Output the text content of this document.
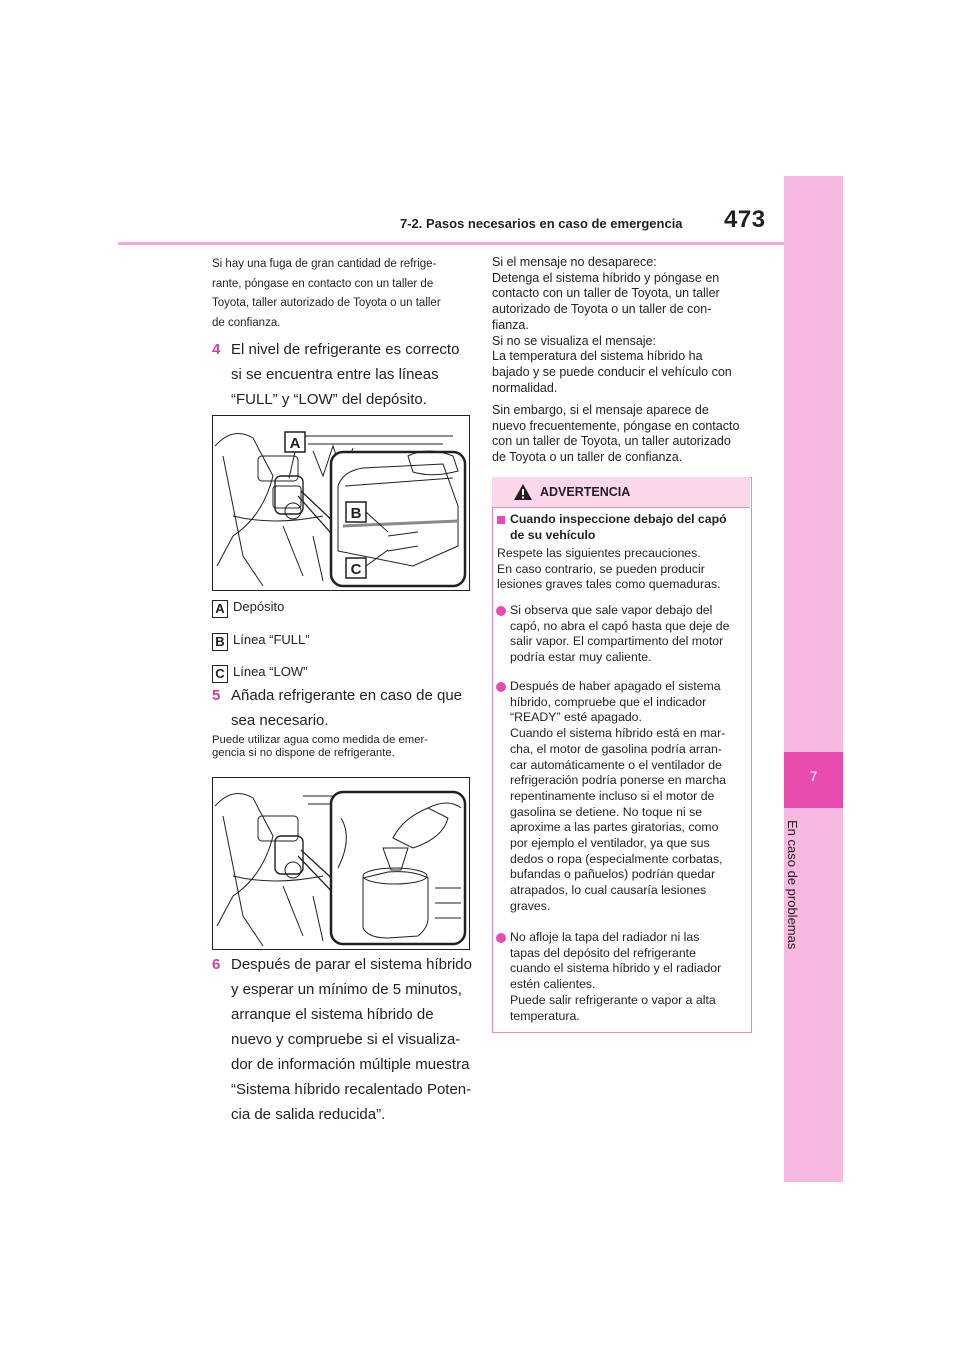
7-2. Pasos necesarios en caso de emergencia 473
7
En caso de problemas
Si hay una fuga de gran cantidad de refrige-
rante, póngase en contacto con un taller de
Toyota, taller autorizado de Toyota o un taller
de confianza.
4 El nivel de refrigerante es correcto
si se encuentra entre las líneas
“FULL” y “LOW” del depósito.
A
B
C
A Depósito
B Línea “FULL”
C Línea “LOW”
5 Añada refrigerante en caso de que
sea necesario.
Puede utilizar agua como medida de emer-
gencia si no dispone de refrigerante.
6 Después de parar el sistema híbrido
y esperar un mínimo de 5 minutos,
arranque el sistema híbrido de
nuevo y compruebe si el visualiza-
dor de información múltiple muestra
“Sistema híbrido recalentado Poten-
cia de salida reducida”.
Si el mensaje no desaparece:
Detenga el sistema híbrido y póngase en
contacto con un taller de Toyota, un taller
autorizado de Toyota o un taller de con-
fianza.
Si no se visualiza el mensaje:
La temperatura del sistema híbrido ha
bajado y se puede conducir el vehículo con
normalidad.
Sin embargo, si el mensaje aparece de
nuevo frecuentemente, póngase en contacto
con un taller de Toyota, un taller autorizado
de Toyota o un taller de confianza.
ADVERTENCIA
Cuando inspeccione debajo del capó
de su vehículo
Respete las siguientes precauciones.
En caso contrario, se pueden producir
lesiones graves tales como quemaduras.
Si observa que sale vapor debajo del
capó, no abra el capó hasta que deje de
salir vapor. El compartimento del motor
podría estar muy caliente.
Después de haber apagado el sistema
híbrido, compruebe que el indicador
“READY” esté apagado.
Cuando el sistema híbrido está en mar-
cha, el motor de gasolina podría arran-
car automáticamente o el ventilador de
refrigeración podría ponerse en marcha
repentinamente incluso si el motor de
gasolina se detiene. No toque ni se
aproxime a las partes giratorias, como
por ejemplo el ventilador, ya que sus
dedos o ropa (especialmente corbatas,
bufandas o pañuelos) podrían quedar
atrapados, lo cual causaría lesiones
graves.
No afloje la tapa del radiador ni las
tapas del depósito del refrigerante
cuando el sistema híbrido y el radiador
estén calientes.
Puede salir refrigerante o vapor a alta
temperatura.
